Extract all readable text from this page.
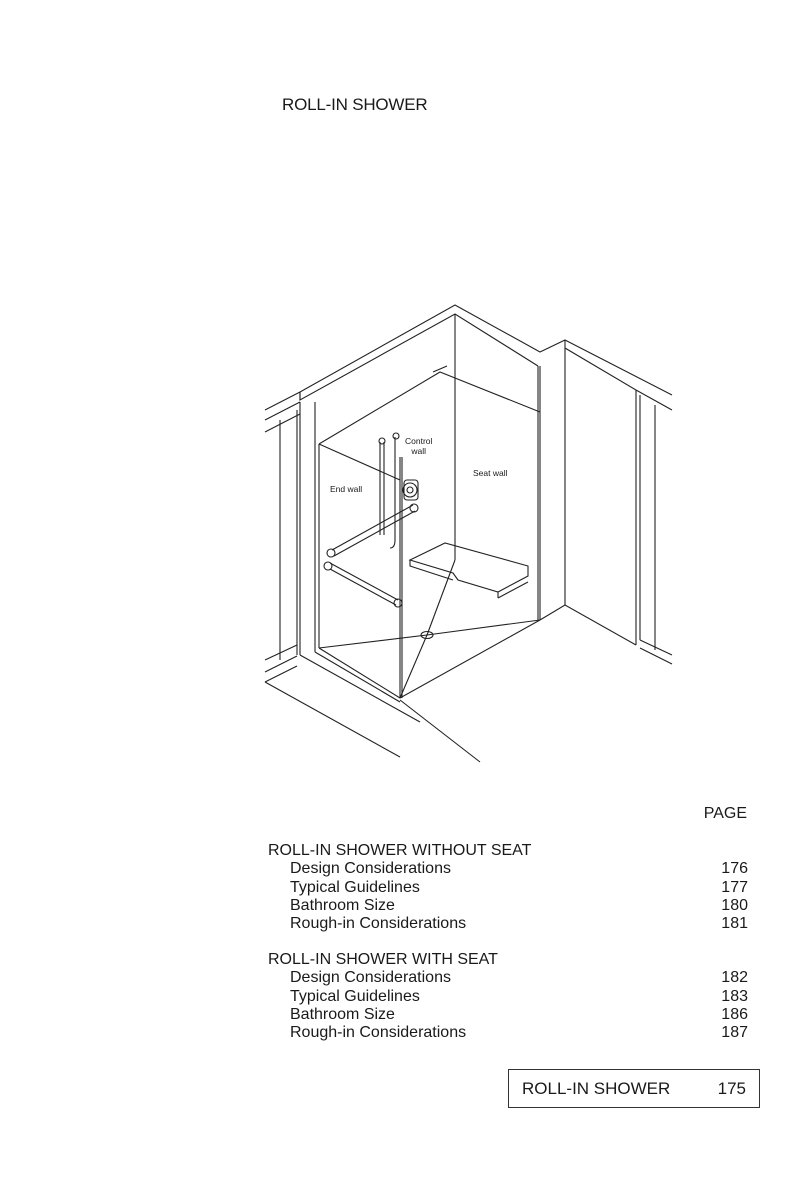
ROLL-IN SHOWER
Control
wall
Seat wall
End wall
PAGE
ROLL-IN SHOWER WITHOUT SEAT
Design Considerations	176
Typical Guidelines	177
Bathroom Size	180
Rough-in Considerations	181
ROLL-IN SHOWER WITH SEAT
Design Considerations	182
Typical Guidelines	183
Bathroom Size	186
Rough-in Considerations	187
ROLL-IN SHOWER	175
